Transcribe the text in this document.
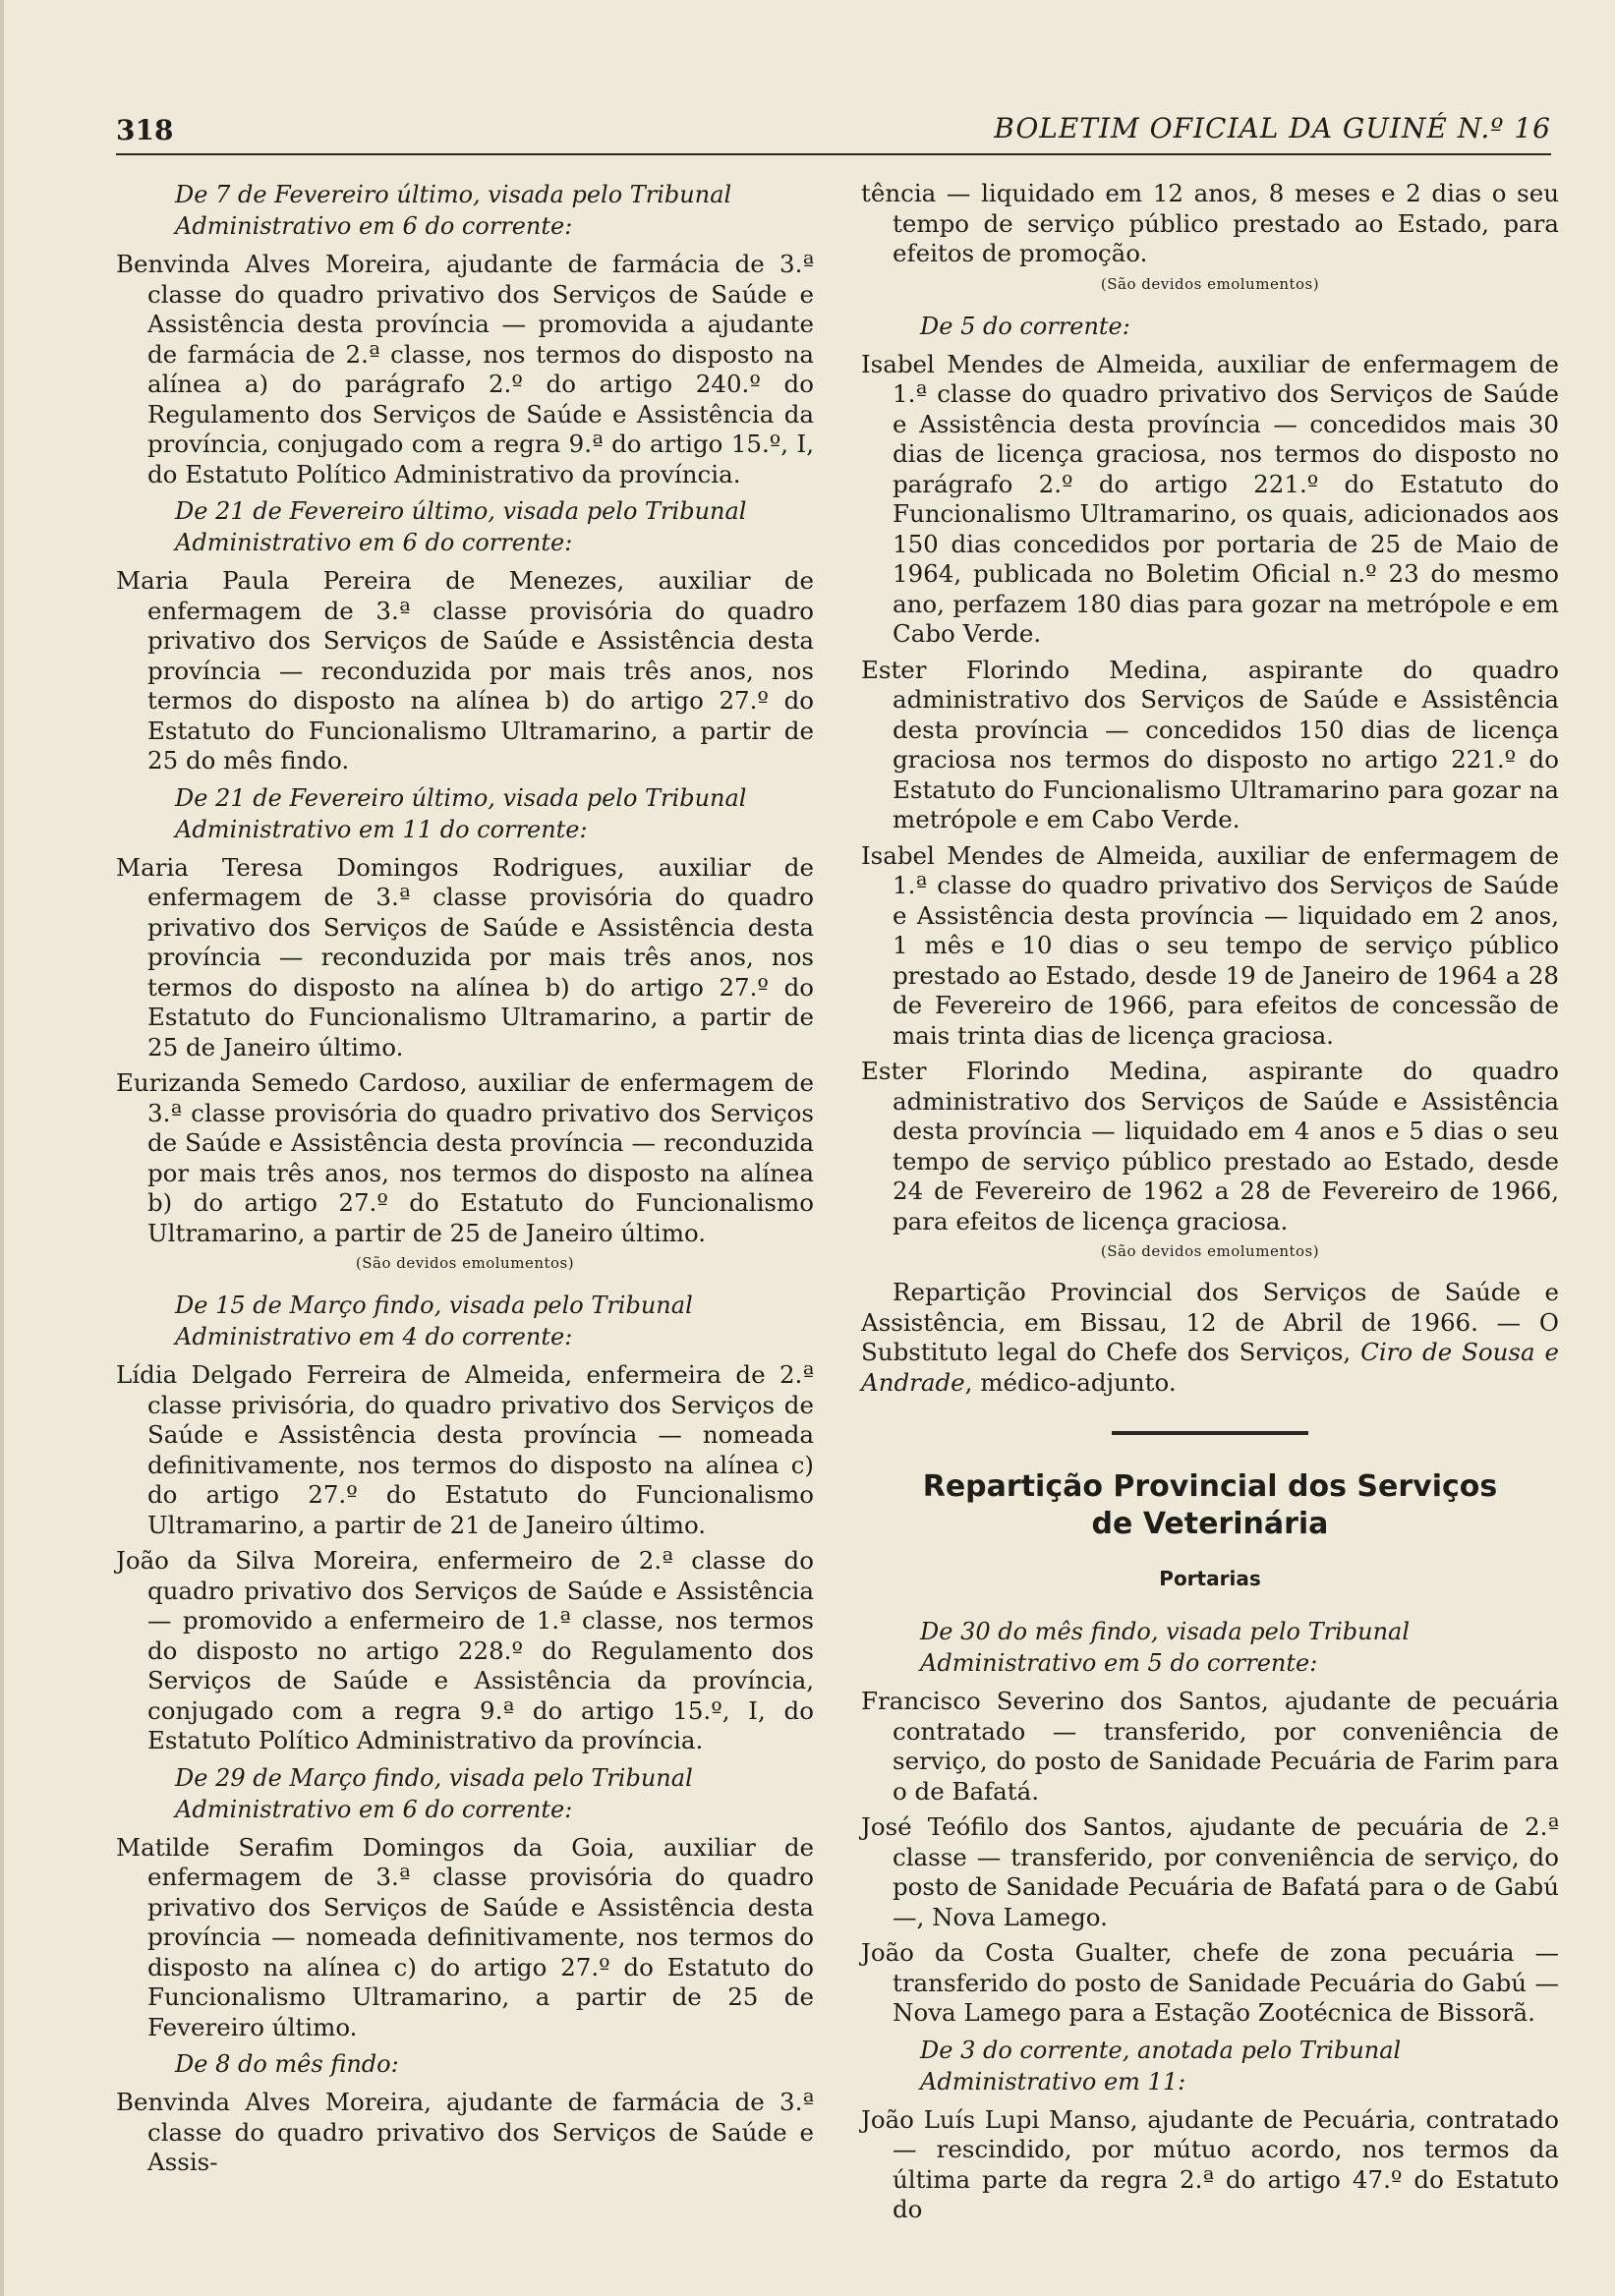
318	BOLETIM OFICIAL DA GUINÉ N.º 16

De 7 de Fevereiro último, visada pelo Tribunal Administrativo em 6 do corrente:

Benvinda Alves Moreira, ajudante de farmácia de 3.ª classe do quadro privativo dos Serviços de Saúde e Assistência desta província — promovida a ajudante de farmácia de 2.ª classe, nos termos do disposto na alínea a) do parágrafo 2.º do artigo 240.º do Regulamento dos Serviços de Saúde e Assistência da província, conjugado com a regra 9.ª do artigo 15.º, I, do Estatuto Político Administrativo da província.

De 21 de Fevereiro último, visada pelo Tribunal Administrativo em 6 do corrente:

Maria Paula Pereira de Menezes, auxiliar de enfermagem de 3.ª classe provisória do quadro privativo dos Serviços de Saúde e Assistência desta província — reconduzida por mais três anos, nos termos do disposto na alínea b) do artigo 27.º do Estatuto do Funcionalismo Ultramarino, a partir de 25 do mês findo.

De 21 de Fevereiro último, visada pelo Tribunal Administrativo em 11 do corrente:

Maria Teresa Domingos Rodrigues, auxiliar de enfermagem de 3.ª classe provisória do quadro privativo dos Serviços de Saúde e Assistência desta província — reconduzida por mais três anos, nos termos do disposto na alínea b) do artigo 27.º do Estatuto do Funcionalismo Ultramarino, a partir de 25 de Janeiro último.

Eurizanda Semedo Cardoso, auxiliar de enfermagem de 3.ª classe provisória do quadro privativo dos Serviços de Saúde e Assistência desta província — reconduzida por mais três anos, nos termos do disposto na alínea b) do artigo 27.º do Estatuto do Funcionalismo Ultramarino, a partir de 25 de Janeiro último.

(São devidos emolumentos)

De 15 de Março findo, visada pelo Tribunal Administrativo em 4 do corrente:

Lídia Delgado Ferreira de Almeida, enfermeira de 2.ª classe privisória, do quadro privativo dos Serviços de Saúde e Assistência desta província — nomeada definitivamente, nos termos do disposto na alínea c) do artigo 27.º do Estatuto do Funcionalismo Ultramarino, a partir de 21 de Janeiro último.

João da Silva Moreira, enfermeiro de 2.ª classe do quadro privativo dos Serviços de Saúde e Assistência — promovido a enfermeiro de 1.ª classe, nos termos do disposto no artigo 228.º do Regulamento dos Serviços de Saúde e Assistência da província, conjugado com a regra 9.ª do artigo 15.º, I, do Estatuto Político Administrativo da província.

De 29 de Março findo, visada pelo Tribunal Administrativo em 6 do corrente:

Matilde Serafim Domingos da Goia, auxiliar de enfermagem de 3.ª classe provisória do quadro privativo dos Serviços de Saúde e Assistência desta província — nomeada definitivamente, nos termos do disposto na alínea c) do artigo 27.º do Estatuto do Funcionalismo Ultramarino, a partir de 25 de Fevereiro último.

De 8 do mês findo:

Benvinda Alves Moreira, ajudante de farmácia de 3.ª classe do quadro privativo dos Serviços de Saúde e Assis-

tência — liquidado em 12 anos, 8 meses e 2 dias o seu tempo de serviço público prestado ao Estado, para efeitos de promoção.

(São devidos emolumentos)

De 5 do corrente:

Isabel Mendes de Almeida, auxiliar de enfermagem de 1.ª classe do quadro privativo dos Serviços de Saúde e Assistência desta província — concedidos mais 30 dias de licença graciosa, nos termos do disposto no parágrafo 2.º do artigo 221.º do Estatuto do Funcionalismo Ultramarino, os quais, adicionados aos 150 dias concedidos por portaria de 25 de Maio de 1964, publicada no Boletim Oficial n.º 23 do mesmo ano, perfazem 180 dias para gozar na metrópole e em Cabo Verde.

Ester Florindo Medina, aspirante do quadro administrativo dos Serviços de Saúde e Assistência desta província — concedidos 150 dias de licença graciosa nos termos do disposto no artigo 221.º do Estatuto do Funcionalismo Ultramarino para gozar na metrópole e em Cabo Verde.

Isabel Mendes de Almeida, auxiliar de enfermagem de 1.ª classe do quadro privativo dos Serviços de Saúde e Assistência desta província — liquidado em 2 anos, 1 mês e 10 dias o seu tempo de serviço público prestado ao Estado, desde 19 de Janeiro de 1964 a 28 de Fevereiro de 1966, para efeitos de concessão de mais trinta dias de licença graciosa.

Ester Florindo Medina, aspirante do quadro administrativo dos Serviços de Saúde e Assistência desta província — liquidado em 4 anos e 5 dias o seu tempo de serviço público prestado ao Estado, desde 24 de Fevereiro de 1962 a 28 de Fevereiro de 1966, para efeitos de licença graciosa.

(São devidos emolumentos)

Repartição Provincial dos Serviços de Saúde e Assistência, em Bissau, 12 de Abril de 1966. — O Substituto legal do Chefe dos Serviços, Ciro de Sousa e Andrade, médico-adjunto.

Repartição Provincial dos Serviços
de Veterinária
Portarias

De 30 do mês findo, visada pelo Tribunal Administrativo em 5 do corrente:

Francisco Severino dos Santos, ajudante de pecuária contratado — transferido, por conveniência de serviço, do posto de Sanidade Pecuária de Farim para o de Bafatá.

José Teófilo dos Santos, ajudante de pecuária de 2.ª classe — transferido, por conveniência de serviço, do posto de Sanidade Pecuária de Bafatá para o de Gabú —, Nova Lamego.

João da Costa Gualter, chefe de zona pecuária — transferido do posto de Sanidade Pecuária do Gabú — Nova Lamego para a Estação Zootécnica de Bissorã.

De 3 do corrente, anotada pelo Tribunal Administrativo em 11:

João Luís Lupi Manso, ajudante de Pecuária, contratado — rescindido, por mútuo acordo, nos termos da última parte da regra 2.ª do artigo 47.º do Estatuto do
